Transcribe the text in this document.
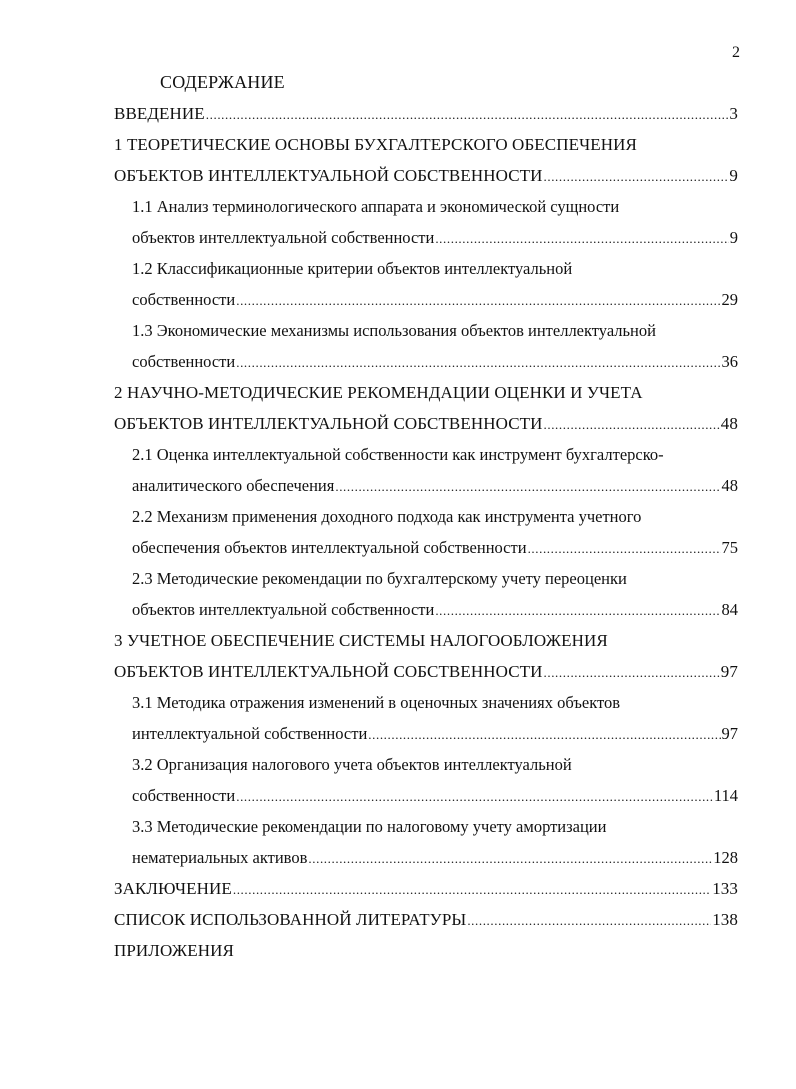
2
СОДЕРЖАНИЕ
ВВЕДЕНИЕ .....	3
1 ТЕОРЕТИЧЕСКИЕ ОСНОВЫ БУХГАЛТЕРСКОГО ОБЕСПЕЧЕНИЯ
ОБЪЕКТОВ ИНТЕЛЛЕКТУАЛЬНОЙ СОБСТВЕННОСТИ .....	9
1.1 Анализ терминологического аппарата и экономической сущности
объектов интеллектуальной собственности .....	9
1.2 Классификационные критерии объектов интеллектуальной
собственности .....	29
1.3 Экономические механизмы использования объектов интеллектуальной
собственности .....	36
2 НАУЧНО-МЕТОДИЧЕСКИЕ РЕКОМЕНДАЦИИ ОЦЕНКИ И УЧЕТА
ОБЪЕКТОВ ИНТЕЛЛЕКТУАЛЬНОЙ СОБСТВЕННОСТИ .....	48
2.1 Оценка интеллектуальной собственности как инструмент бухгалтерско-
аналитического обеспечения .....	48
2.2 Механизм применения доходного подхода как инструмента учетного
обеспечения объектов интеллектуальной собственности .....	75
2.3 Методические рекомендации по бухгалтерскому учету переоценки
объектов интеллектуальной собственности .....	84
3 УЧЕТНОЕ ОБЕСПЕЧЕНИЕ СИСТЕМЫ НАЛОГООБЛОЖЕНИЯ
ОБЪЕКТОВ ИНТЕЛЛЕКТУАЛЬНОЙ СОБСТВЕННОСТИ .....	97
3.1 Методика отражения изменений в оценочных значениях объектов
интеллектуальной собственности .....	97
3.2 Организация налогового учета объектов интеллектуальной
собственности .....	114
3.3 Методические рекомендации по налоговому учету амортизации
нематериальных активов .....	128
ЗАКЛЮЧЕНИЕ .....	133
СПИСОК ИСПОЛЬЗОВАННОЙ ЛИТЕРАТУРЫ .....	138
ПРИЛОЖЕНИЯ
